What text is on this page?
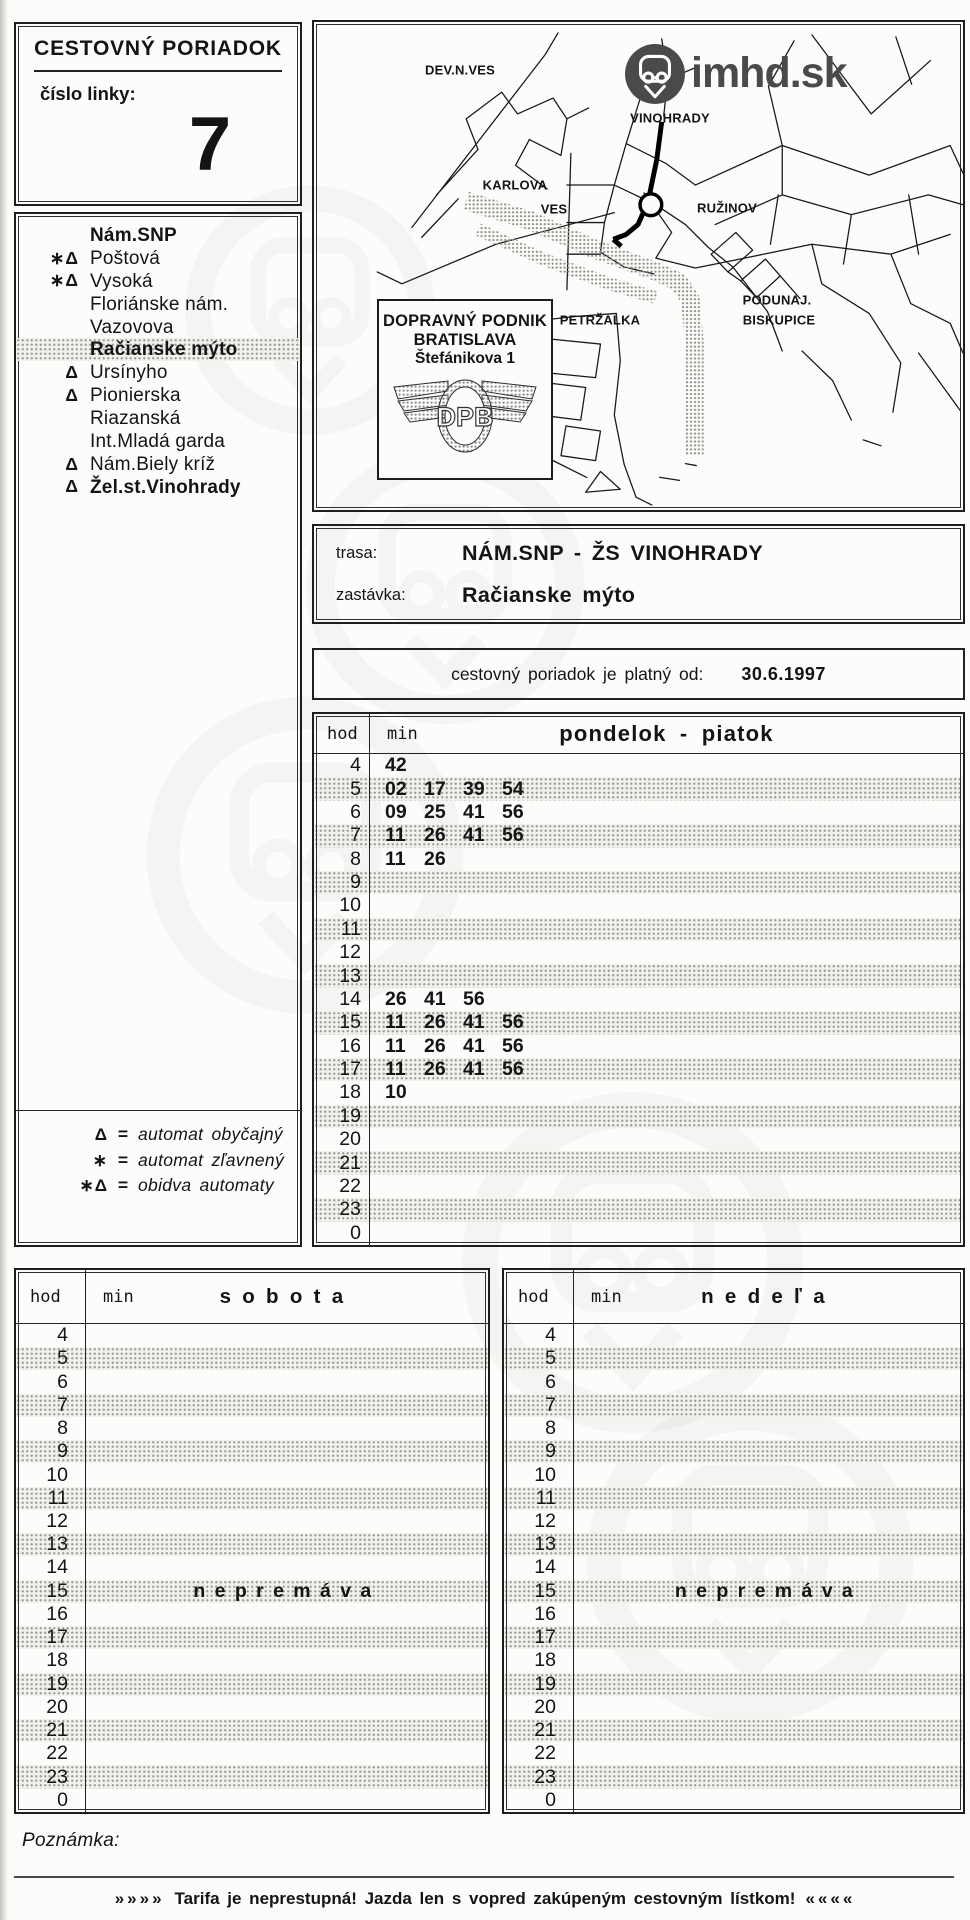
CESTOVNÝ PORIADOK
číslo linky:
7
Nám.SNP
∗Δ Poštová
∗Δ Vysoká
Floriánske nám.
Vazovova
Račianske mýto
Δ Ursínyho
Δ Pionierska
Riazanská
Int.Mladá garda
Δ Nám.Biely kríž
Δ Žel.st.Vinohrady
Δ = automat obyčajný
∗ = automat zľavnený
∗Δ = obidva automaty
imhd.sk
DOPRAVNÝ PODNIK
BRATISLAVA
Štefánikova 1
DPB
DEV.N.VES
VINOHRADY
KARLOVA
VES	RUŽINOV
PETRŽALKA
PODUNAJ.
BISKUPICE
trasa:	NÁM.SNP - ŽS VINOHRADY
zastávka:	Račianske mýto
cestovný poriadok je platný od: 30.6.1997
hod	min	pondelok - piatok
4	42
5	02 17 39 54
6	09 25 41 56
7	11 26 41 56
8	11 26
9
10
11
12
13
14	26 41 56
15	11 26 41 56
16	11 26 41 56
17	11 26 41 56
18	10
19
20
21
22
23
0
hod	min	sobota
4
5
6
7
8
9
10
11
12
13
14
15	nepremáva
16
17
18
19
20
21
22
23
0
hod	min	nedeľa
4
5
6
7
8
9
10
11
12
13
14
15	nepremáva
16
17
18
19
20
21
22
23
0
Poznámka:
»»»» Tarifa je neprestupná! Jazda len s vopred zakúpeným cestovným lístkom! ««««
